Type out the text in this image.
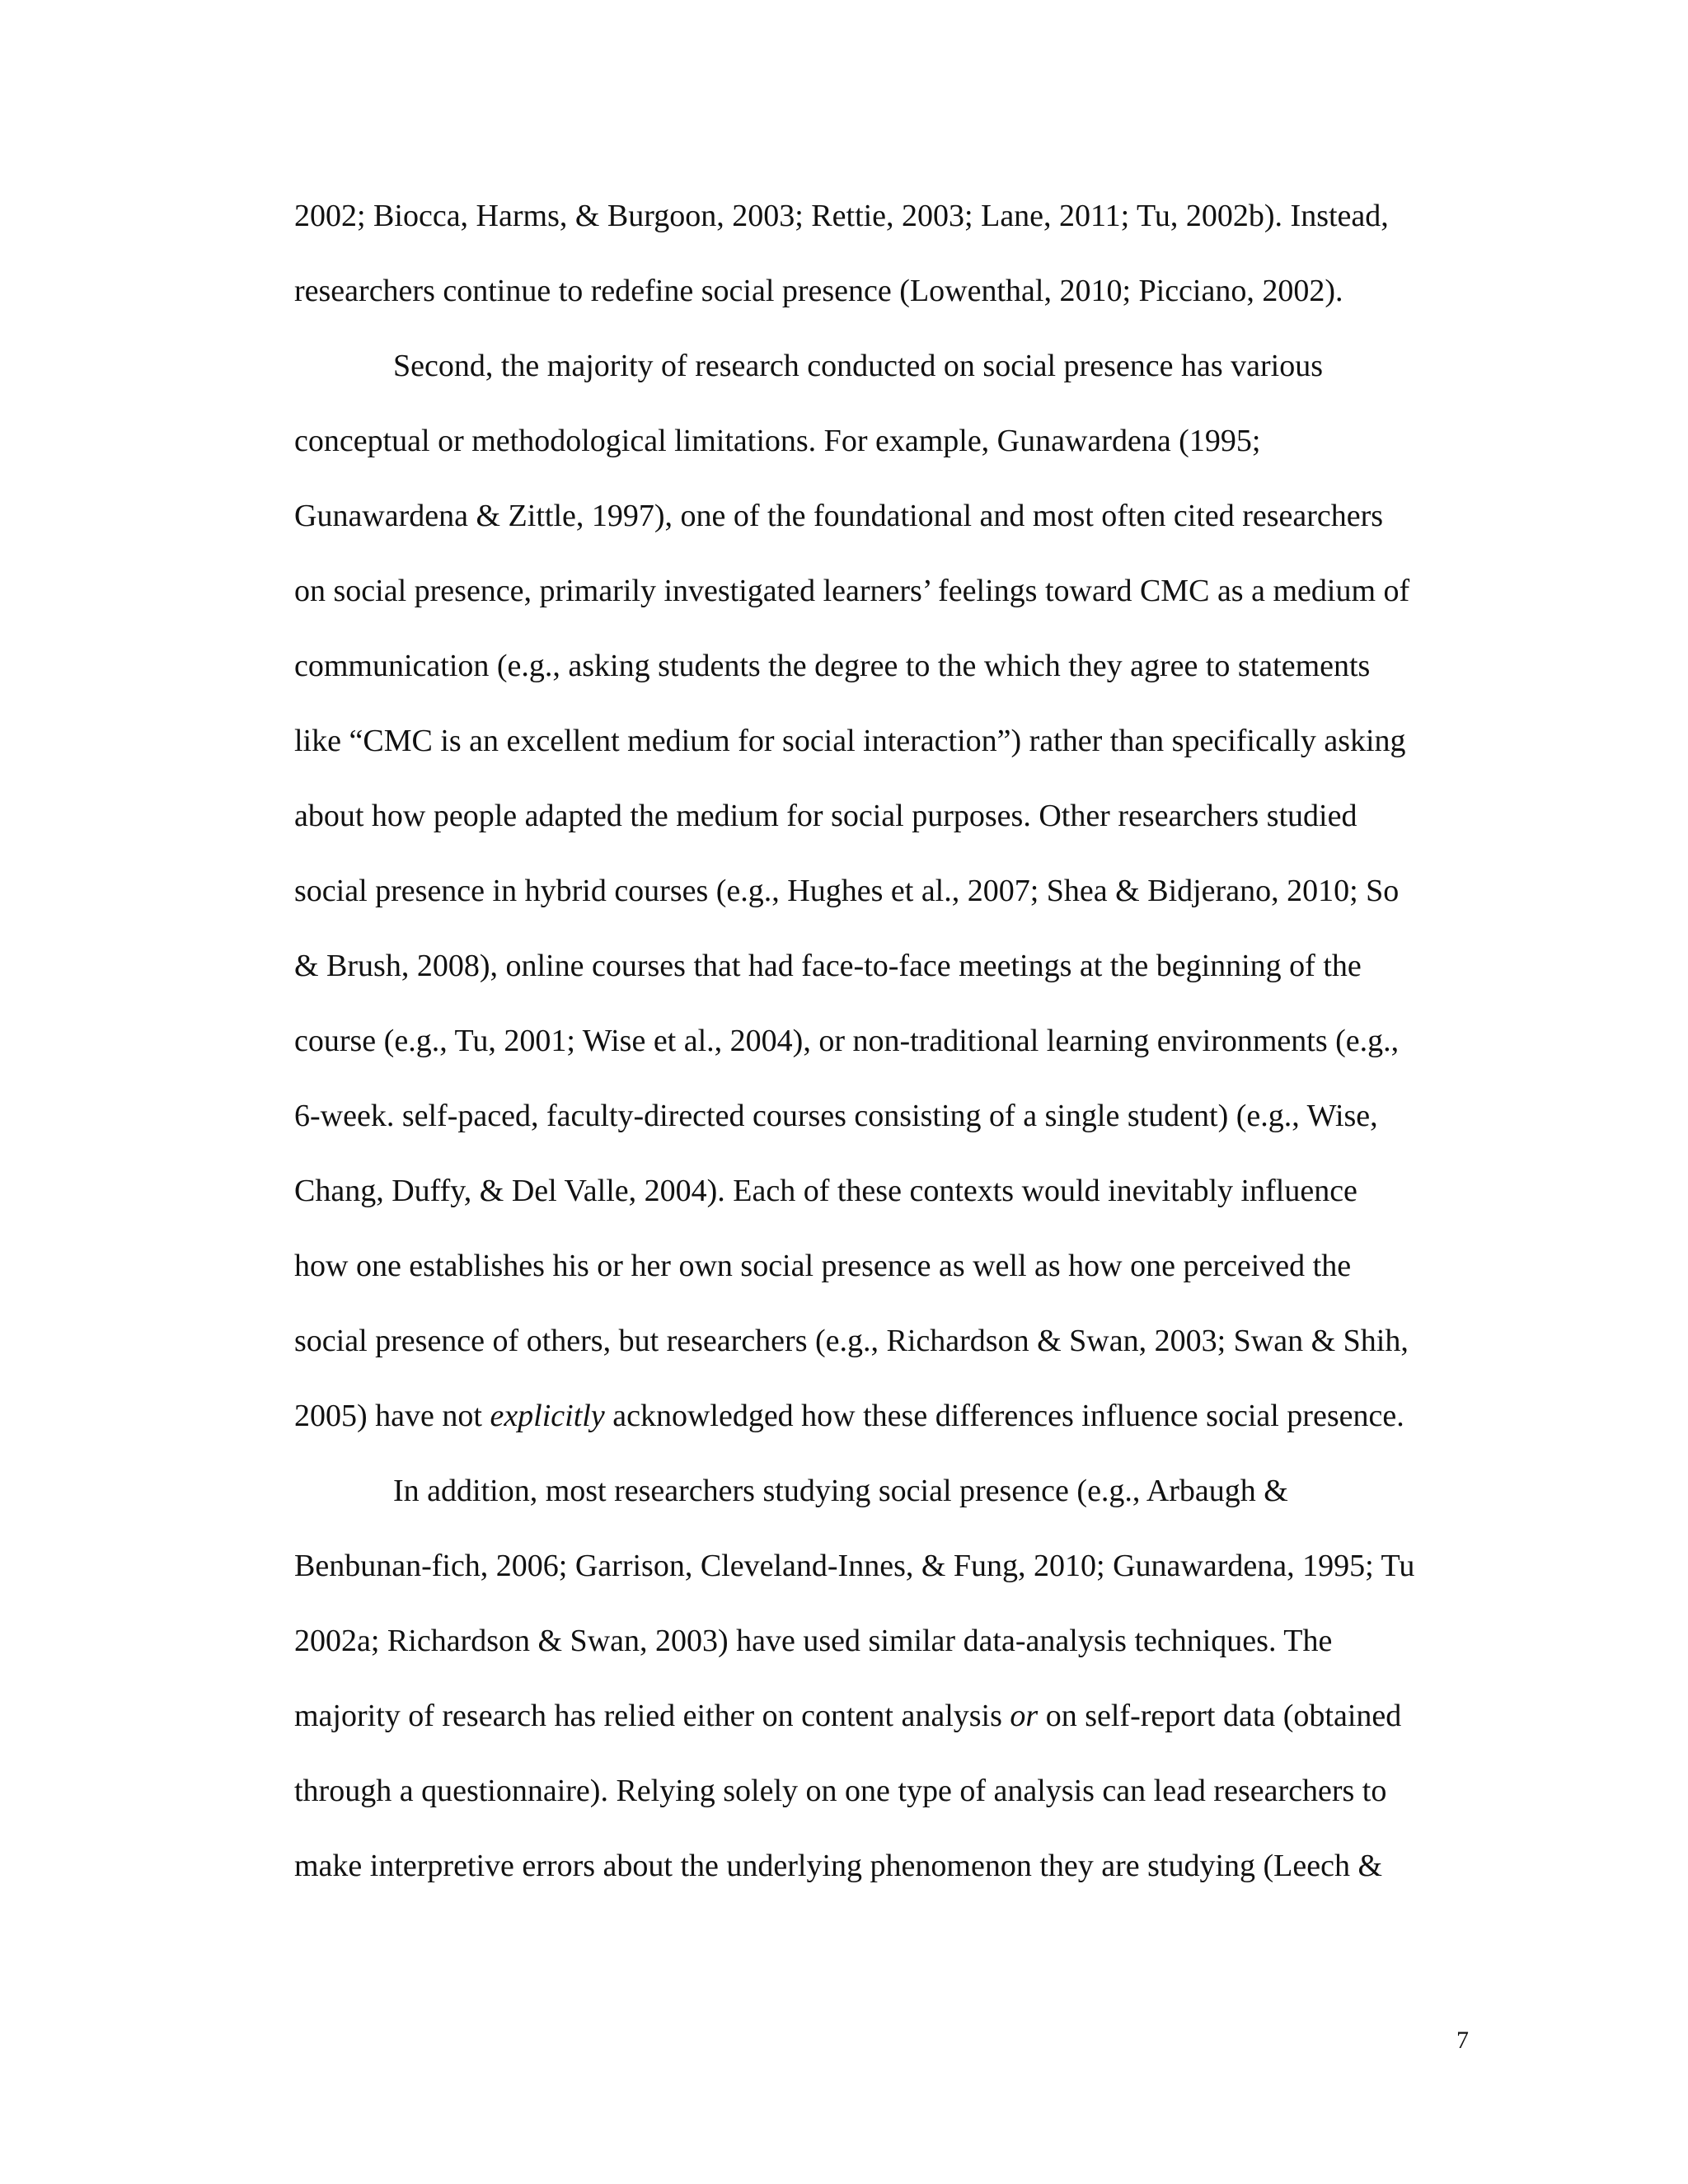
2002; Biocca, Harms, & Burgoon, 2003; Rettie, 2003; Lane, 2011; Tu, 2002b). Instead,

researchers continue to redefine social presence (Lowenthal, 2010; Picciano, 2002).

Second, the majority of research conducted on social presence has various

conceptual or methodological limitations. For example, Gunawardena (1995;

Gunawardena & Zittle, 1997), one of the foundational and most often cited researchers

on social presence, primarily investigated learners’ feelings toward CMC as a medium of

communication (e.g., asking students the degree to the which they agree to statements

like “CMC is an excellent medium for social interaction”) rather than specifically asking

about how people adapted the medium for social purposes. Other researchers studied

social presence in hybrid courses (e.g., Hughes et al., 2007; Shea & Bidjerano, 2010; So

& Brush, 2008), online courses that had face-to-face meetings at the beginning of the

course (e.g., Tu, 2001; Wise et al., 2004), or non-traditional learning environments (e.g.,

6-week. self-paced, faculty-directed courses consisting of a single student) (e.g., Wise,

Chang, Duffy, & Del Valle, 2004). Each of these contexts would inevitably influence

how one establishes his or her own social presence as well as how one perceived the

social presence of others, but researchers (e.g., Richardson & Swan, 2003; Swan & Shih,

2005) have not explicitly acknowledged how these differences influence social presence.

In addition, most researchers studying social presence (e.g., Arbaugh &

Benbunan-fich, 2006; Garrison, Cleveland-Innes, & Fung, 2010; Gunawardena, 1995; Tu

2002a; Richardson & Swan, 2003) have used similar data-analysis techniques. The

majority of research has relied either on content analysis or on self-report data (obtained

through a questionnaire). Relying solely on one type of analysis can lead researchers to

make interpretive errors about the underlying phenomenon they are studying (Leech &

7
